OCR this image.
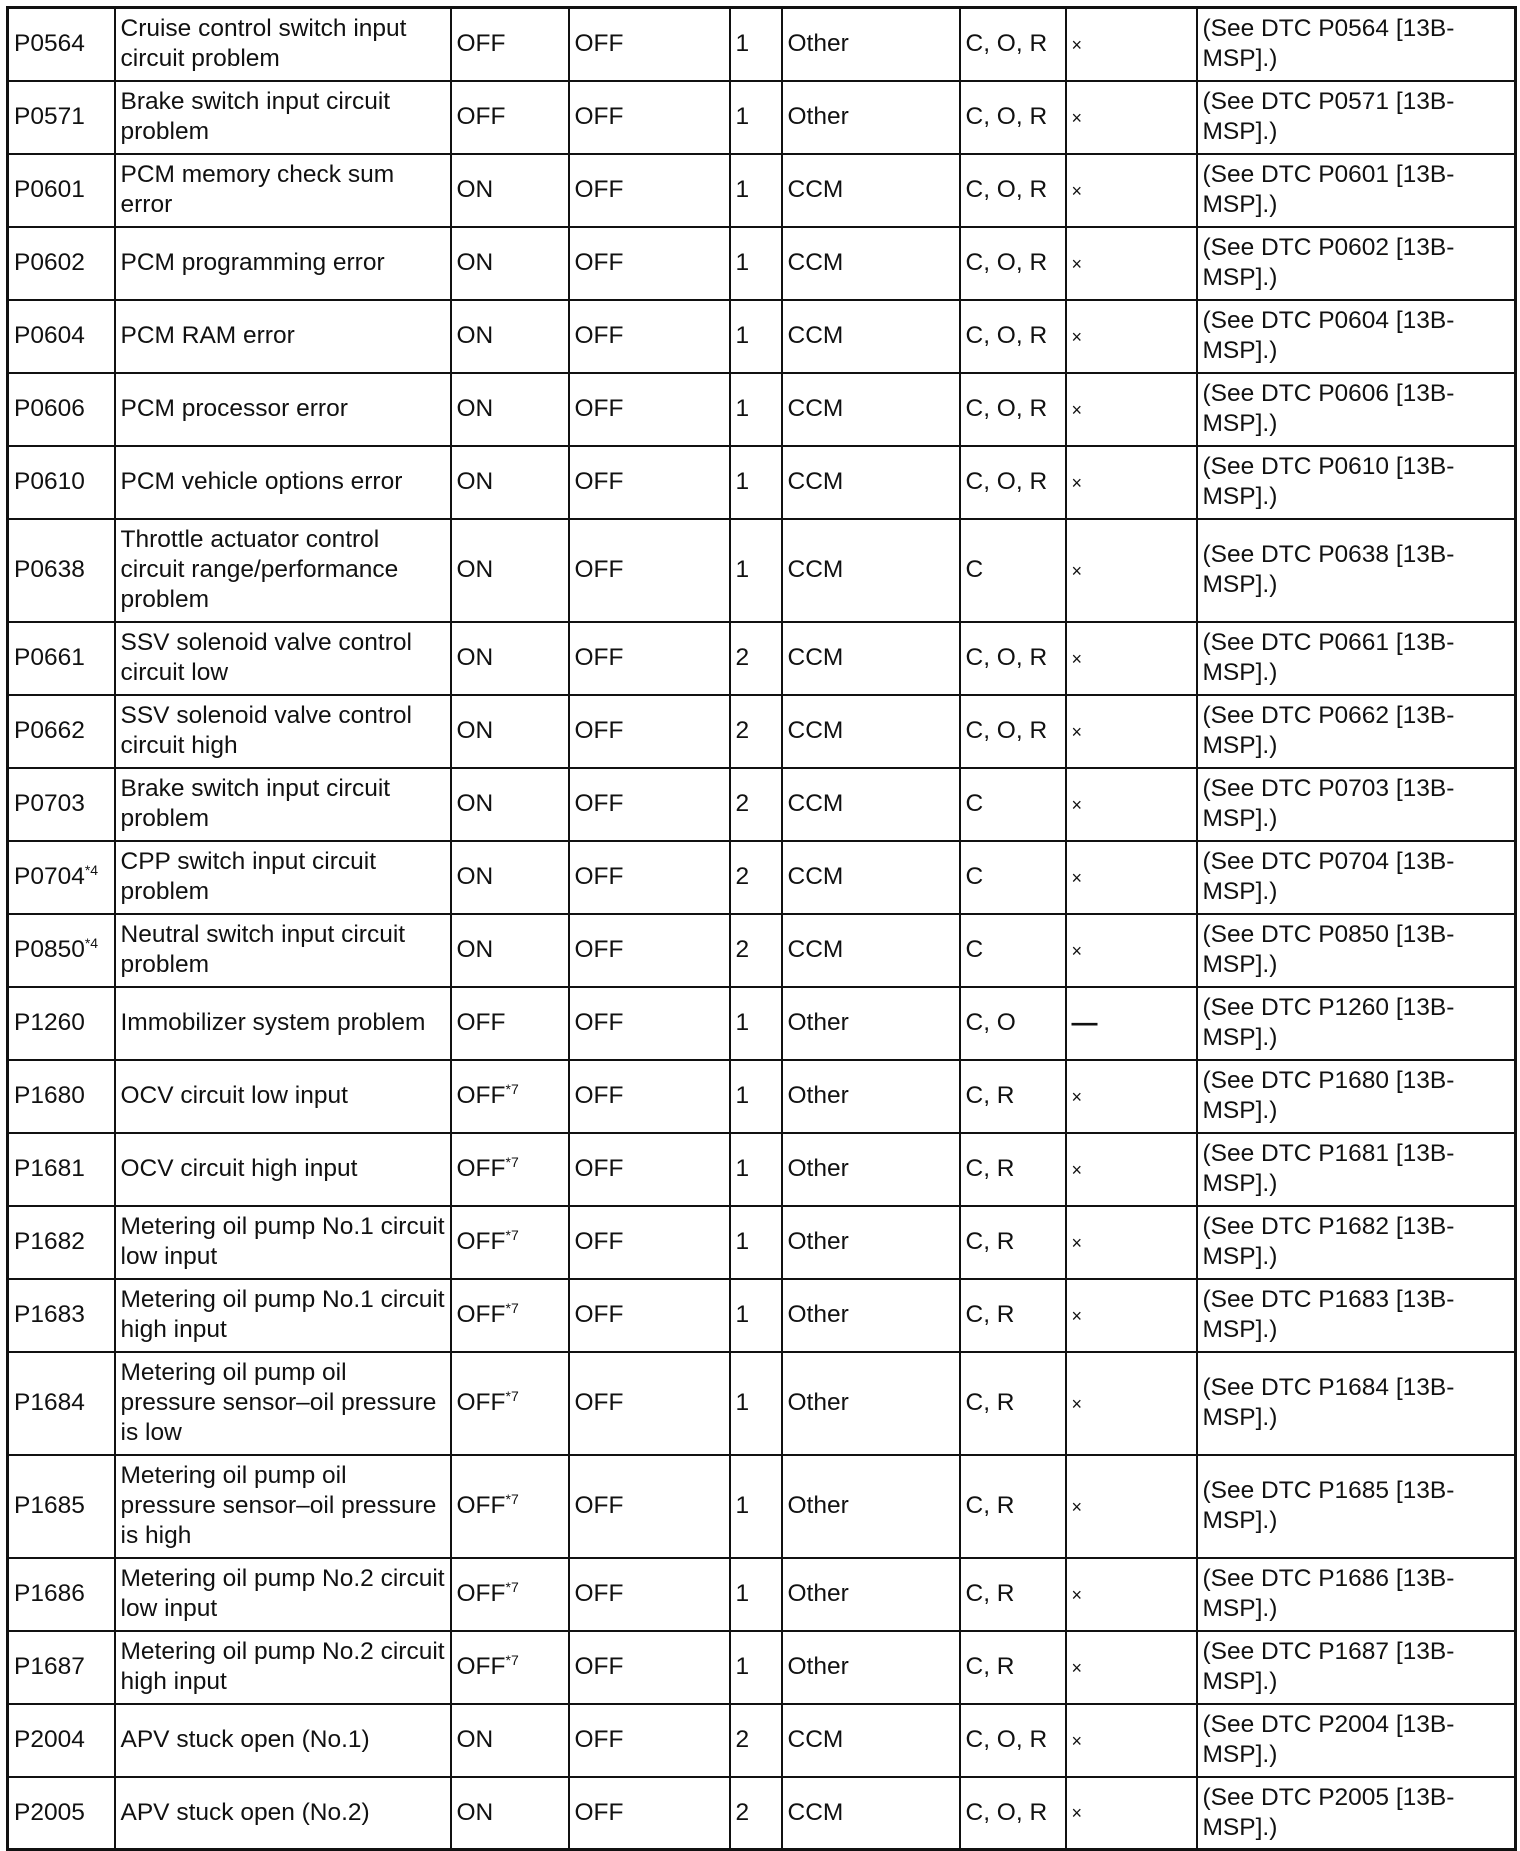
P0564	Cruise control switch input circuit problem	OFF	OFF	1	Other	C, O, R	×	(See DTC P0564 [13B-MSP].)
P0571	Brake switch input circuit problem	OFF	OFF	1	Other	C, O, R	×	(See DTC P0571 [13B-MSP].)
P0601	PCM memory check sum error	ON	OFF	1	CCM	C, O, R	×	(See DTC P0601 [13B-MSP].)
P0602	PCM programming error	ON	OFF	1	CCM	C, O, R	×	(See DTC P0602 [13B-MSP].)
P0604	PCM RAM error	ON	OFF	1	CCM	C, O, R	×	(See DTC P0604 [13B-MSP].)
P0606	PCM processor error	ON	OFF	1	CCM	C, O, R	×	(See DTC P0606 [13B-MSP].)
P0610	PCM vehicle options error	ON	OFF	1	CCM	C, O, R	×	(See DTC P0610 [13B-MSP].)
P0638	Throttle actuator control circuit range/performance problem	ON	OFF	1	CCM	C	×	(See DTC P0638 [13B-MSP].)
P0661	SSV solenoid valve control circuit low	ON	OFF	2	CCM	C, O, R	×	(See DTC P0661 [13B-MSP].)
P0662	SSV solenoid valve control circuit high	ON	OFF	2	CCM	C, O, R	×	(See DTC P0662 [13B-MSP].)
P0703	Brake switch input circuit problem	ON	OFF	2	CCM	C	×	(See DTC P0703 [13B-MSP].)
P0704$^{*4}$	CPP switch input circuit problem	ON	OFF	2	CCM	C	×	(See DTC P0704 [13B-MSP].)
P0850$^{*4}$	Neutral switch input circuit problem	ON	OFF	2	CCM	C	×	(See DTC P0850 [13B-MSP].)
P1260	Immobilizer system problem	OFF	OFF	1	Other	C, O	—	(See DTC P1260 [13B-MSP].)
P1680	OCV circuit low input	OFF$^{*7}$	OFF	1	Other	C, R	×	(See DTC P1680 [13B-MSP].)
P1681	OCV circuit high input	OFF$^{*7}$	OFF	1	Other	C, R	×	(See DTC P1681 [13B-MSP].)
P1682	Metering oil pump No.1 circuit low input	OFF$^{*7}$	OFF	1	Other	C, R	×	(See DTC P1682 [13B-MSP].)
P1683	Metering oil pump No.1 circuit high input	OFF$^{*7}$	OFF	1	Other	C, R	×	(See DTC P1683 [13B-MSP].)
P1684	Metering oil pump oil pressure sensor–oil pressure is low	OFF$^{*7}$	OFF	1	Other	C, R	×	(See DTC P1684 [13B-MSP].)
P1685	Metering oil pump oil pressure sensor–oil pressure is high	OFF$^{*7}$	OFF	1	Other	C, R	×	(See DTC P1685 [13B-MSP].)
P1686	Metering oil pump No.2 circuit low input	OFF$^{*7}$	OFF	1	Other	C, R	×	(See DTC P1686 [13B-MSP].)
P1687	Metering oil pump No.2 circuit high input	OFF$^{*7}$	OFF	1	Other	C, R	×	(See DTC P1687 [13B-MSP].)
P2004	APV stuck open (No.1)	ON	OFF	2	CCM	C, O, R	×	(See DTC P2004 [13B-MSP].)
P2005	APV stuck open (No.2)	ON	OFF	2	CCM	C, O, R	×	(See DTC P2005 [13B-MSP].)
